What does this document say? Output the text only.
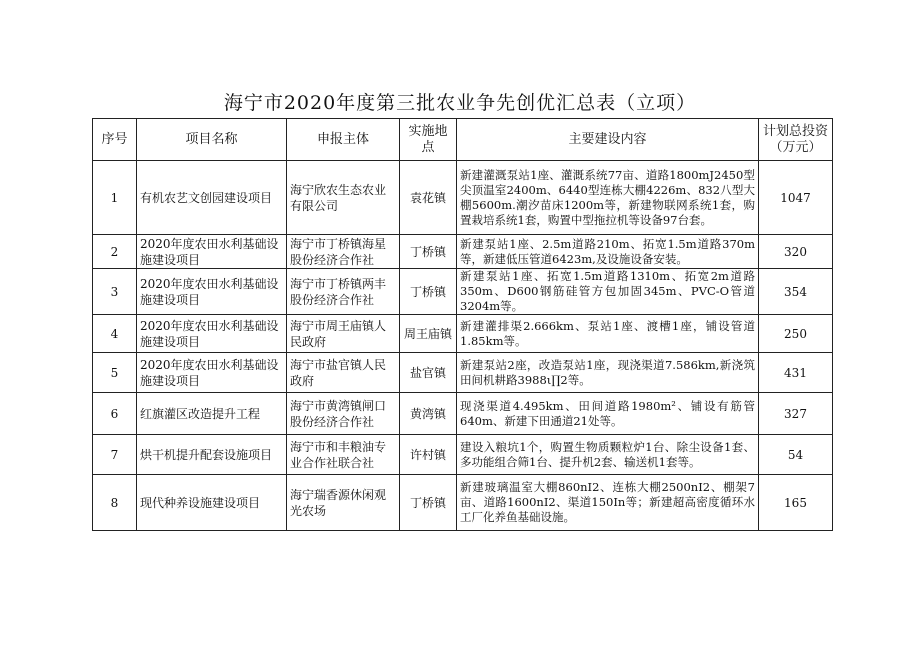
海宁市2020年度第三批农业争先创优汇总表（立项）
序号	项目名称	申报主体	实施地点	主要建设内容	计划总投资（万元）
1	有机农艺文创园建设项目	海宁欣农生态农业有限公司	袁花镇	新建灌溉泵站1座、灌溉系统77亩、道路1800mJ2450型尖顶温室2400m、6440型连栋大棚4226m、832八型大棚5600m.潮汐苗床1200m等，新建物联网系统1套，购置栽培系统1套，购置中型拖拉机等设备97台套。	1047
2	2020年度农田水利基础设施建设项目	海宁市丁桥镇海星股份经济合作社	丁桥镇	新建泵站1座、2.5m道路210m、拓宽1.5m道路370m等，新建低压管道6423m,及设施设备安装。	320
3	2020年度农田水利基础设施建设项目	海宁市丁桥镇两丰股份经济合作社	丁桥镇	新建泵站1座、拓宽1.5m道路1310m、拓宽2m道路350m、D600钢筋硅管方包加固345m、PVC-O管道3204m等。	354
4	2020年度农田水利基础设施建设项目	海宁市周王庙镇人民政府	周王庙镇	新建灌排渠2.666km、泵站1座、渡槽1座，铺设管道1.85km等。	250
5	2020年度农田水利基础设施建设项目	海宁市盐官镇人民政府	盐官镇	新建泵站2座，改造泵站1座，现浇渠道7.586km,新浇筑田间机耕路3988ι∏2等。	431
6	红旗灌区改造提升工程	海宁市黄湾镇闸口股份经济合作社	黄湾镇	现浇渠道4.495km、田间道路1980m²、铺设有筋管640m、新建下田通道21处等。	327
7	烘干机提升配套设施项目	海宁市和丰粮油专业合作社联合社	许村镇	建设入粮坑1个，购置生物质颗粒炉1台、除尘设备1套、多功能组合筛1台、提升机2套、输送机1套等。	54
8	现代种养设施建设项目	海宁瑞香源休闲观光农场	丁桥镇	新建玻璃温室大棚860nI2、连栋大棚2500nI2、棚架7亩、道路1600nI2、渠道150In等；新建超高密度循环水工厂化养鱼基础设施。	165
